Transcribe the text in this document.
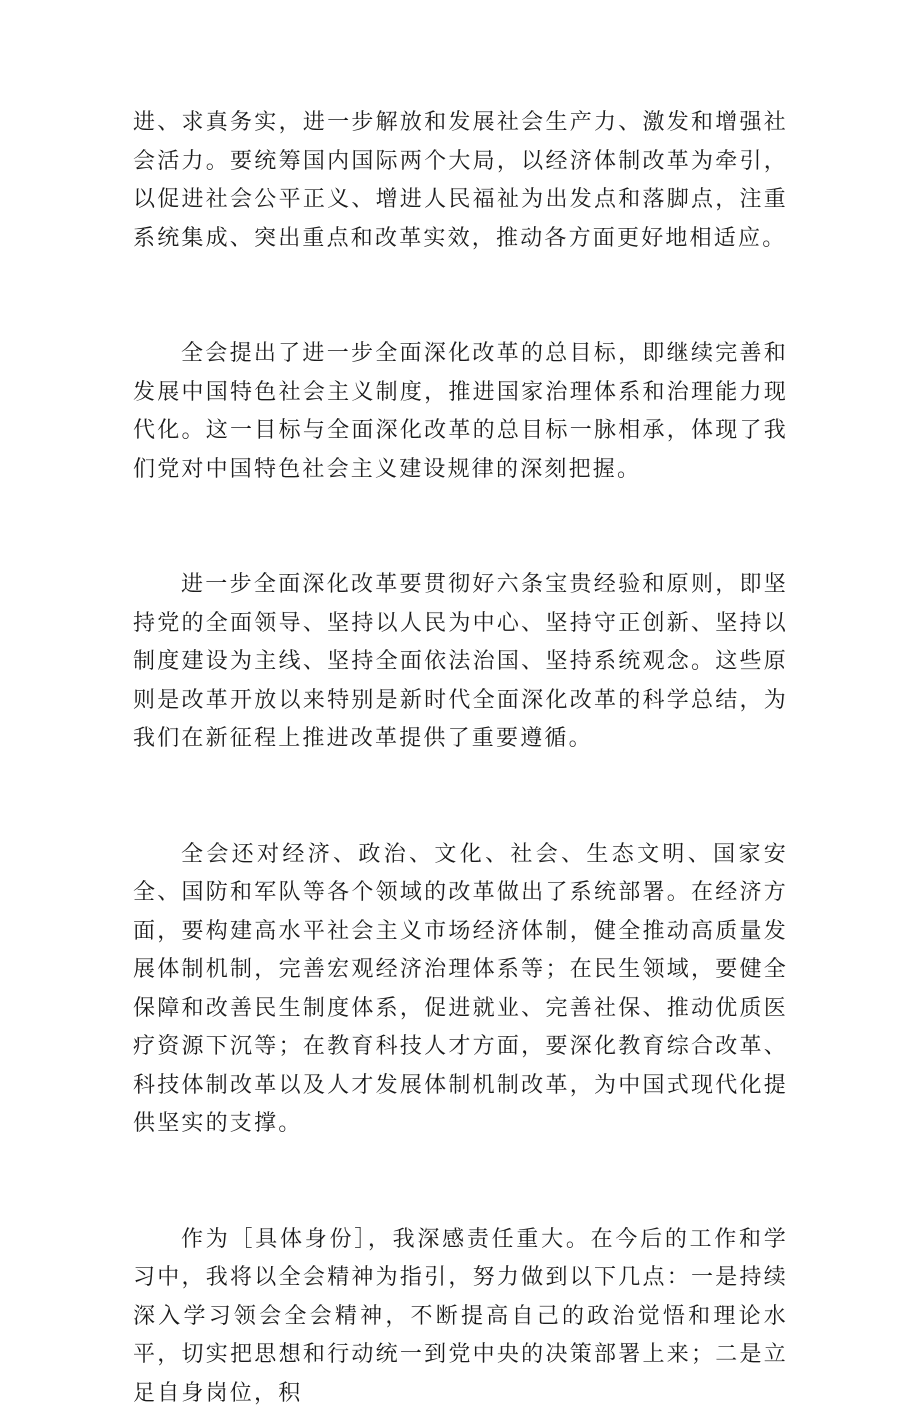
进、求真务实，进一步解放和发展社会生产力、激发和增强社会活力。要统筹国内国际两个大局，以经济体制改革为牵引，以促进社会公平正义、增进人民福祉为出发点和落脚点，注重系统集成、突出重点和改革实效，推动各方面更好地相适应。

全会提出了进一步全面深化改革的总目标，即继续完善和发展中国特色社会主义制度，推进国家治理体系和治理能力现代化。这一目标与全面深化改革的总目标一脉相承，体现了我们党对中国特色社会主义建设规律的深刻把握。

进一步全面深化改革要贯彻好六条宝贵经验和原则，即坚持党的全面领导、坚持以人民为中心、坚持守正创新、坚持以制度建设为主线、坚持全面依法治国、坚持系统观念。这些原则是改革开放以来特别是新时代全面深化改革的科学总结，为我们在新征程上推进改革提供了重要遵循。

全会还对经济、政治、文化、社会、生态文明、国家安全、国防和军队等各个领域的改革做出了系统部署。在经济方面，要构建高水平社会主义市场经济体制，健全推动高质量发展体制机制，完善宏观经济治理体系等；在民生领域，要健全保障和改善民生制度体系，促进就业、完善社保、推动优质医疗资源下沉等；在教育科技人才方面，要深化教育综合改革、科技体制改革以及人才发展体制机制改革，为中国式现代化提供坚实的支撑。

作为［具体身份］，我深感责任重大。在今后的工作和学习中，我将以全会精神为指引，努力做到以下几点：一是持续深入学习领会全会精神，不断提高自己的政治觉悟和理论水平，切实把思想和行动统一到党中央的决策部署上来；二是立足自身岗位，积
